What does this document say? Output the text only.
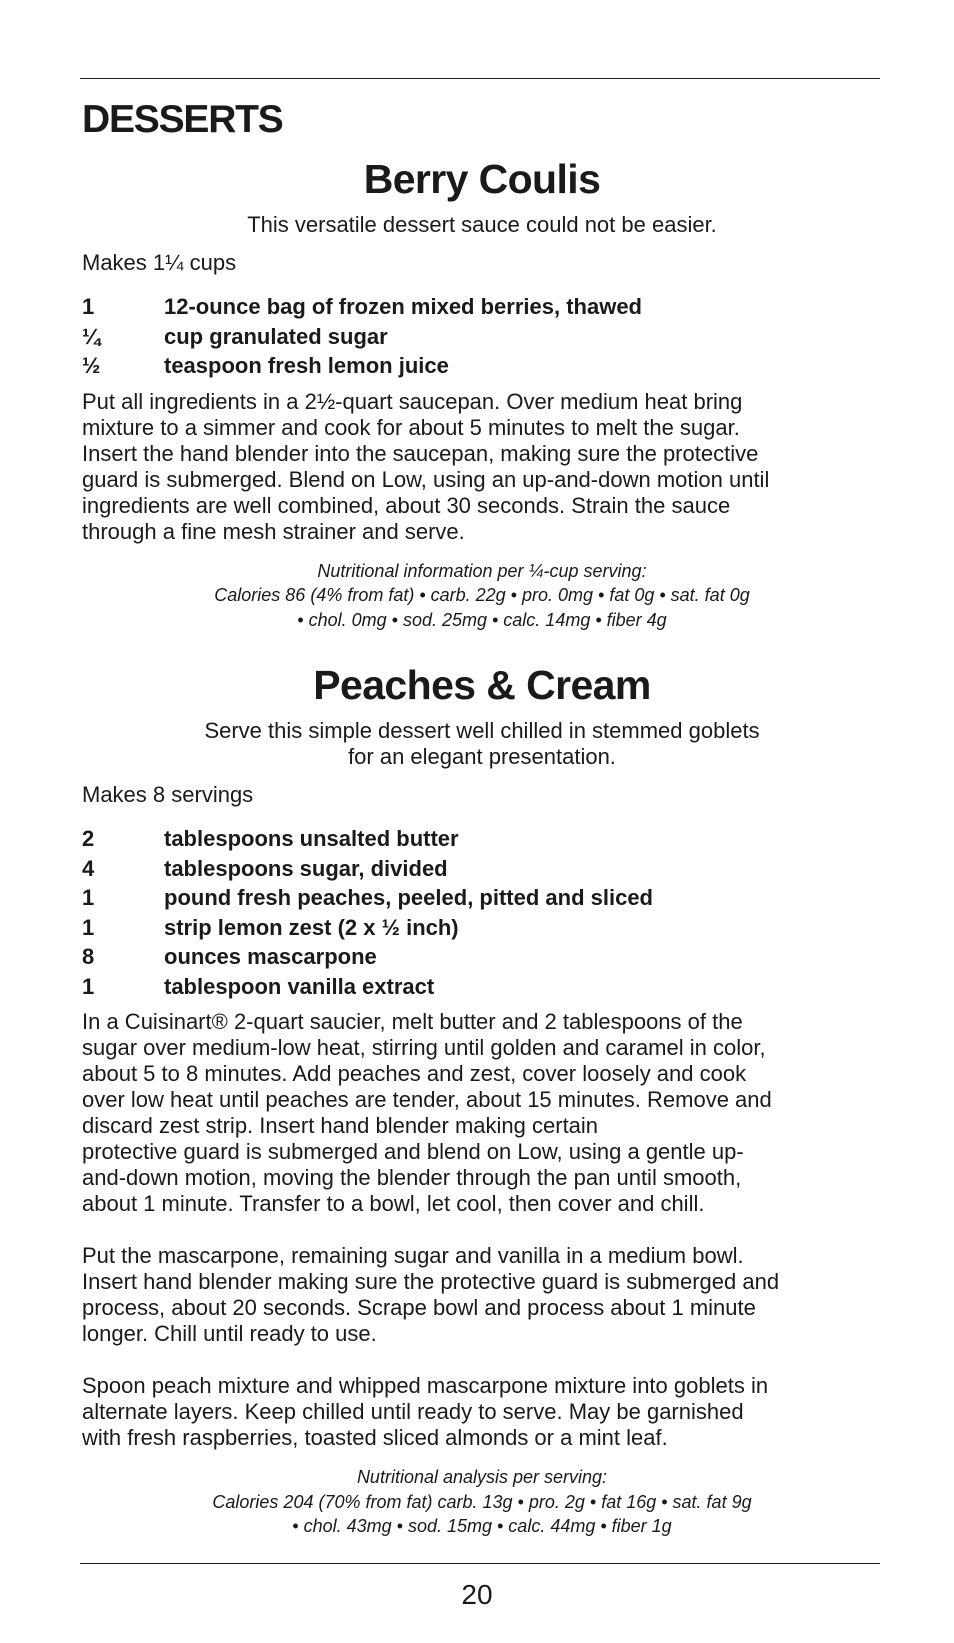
DESSERTS
Berry Coulis
This versatile dessert sauce could not be easier.
Makes 1¼ cups
1	12-ounce bag of frozen mixed berries, thawed
¼	cup granulated sugar
½	teaspoon fresh lemon juice

Put all ingredients in a 2½-quart saucepan. Over medium heat bring
mixture to a simmer and cook for about 5 minutes to melt the sugar.
Insert the hand blender into the saucepan, making sure the protective
guard is submerged. Blend on Low, using an up-and-down motion until
ingredients are well combined, about 30 seconds. Strain the sauce
through a fine mesh strainer and serve.

Nutritional information per ¼-cup serving:
Calories 86 (4% from fat) • carb. 22g • pro. 0mg • fat 0g • sat. fat 0g
• chol. 0mg • sod. 25mg • calc. 14mg • fiber 4g
Peaches & Cream
Serve this simple dessert well chilled in stemmed goblets
for an elegant presentation.
Makes 8 servings
2	tablespoons unsalted butter
4	tablespoons sugar, divided
1	pound fresh peaches, peeled, pitted and sliced
1	strip lemon zest (2 x ½ inch)
8	ounces mascarpone
1	tablespoon vanilla extract

In a Cuisinart® 2-quart saucier, melt butter and 2 tablespoons of the
sugar over medium-low heat, stirring until golden and caramel in color,
about 5 to 8 minutes. Add peaches and zest, cover loosely and cook
over low heat until peaches are tender, about 15 minutes. Remove and
discard zest strip. Insert hand blender making certain
protective guard is submerged and blend on Low, using a gentle up-
and-down motion, moving the blender through the pan until smooth,
about 1 minute. Transfer to a bowl, let cool, then cover and chill.

Put the mascarpone, remaining sugar and vanilla in a medium bowl.
Insert hand blender making sure the protective guard is submerged and
process, about 20 seconds. Scrape bowl and process about 1 minute
longer. Chill until ready to use.

Spoon peach mixture and whipped mascarpone mixture into goblets in
alternate layers. Keep chilled until ready to serve. May be garnished
with fresh raspberries, toasted sliced almonds or a mint leaf.

Nutritional analysis per serving:
Calories 204 (70% from fat) carb. 13g • pro. 2g • fat 16g • sat. fat 9g
• chol. 43mg • sod. 15mg • calc. 44mg • fiber 1g
20
